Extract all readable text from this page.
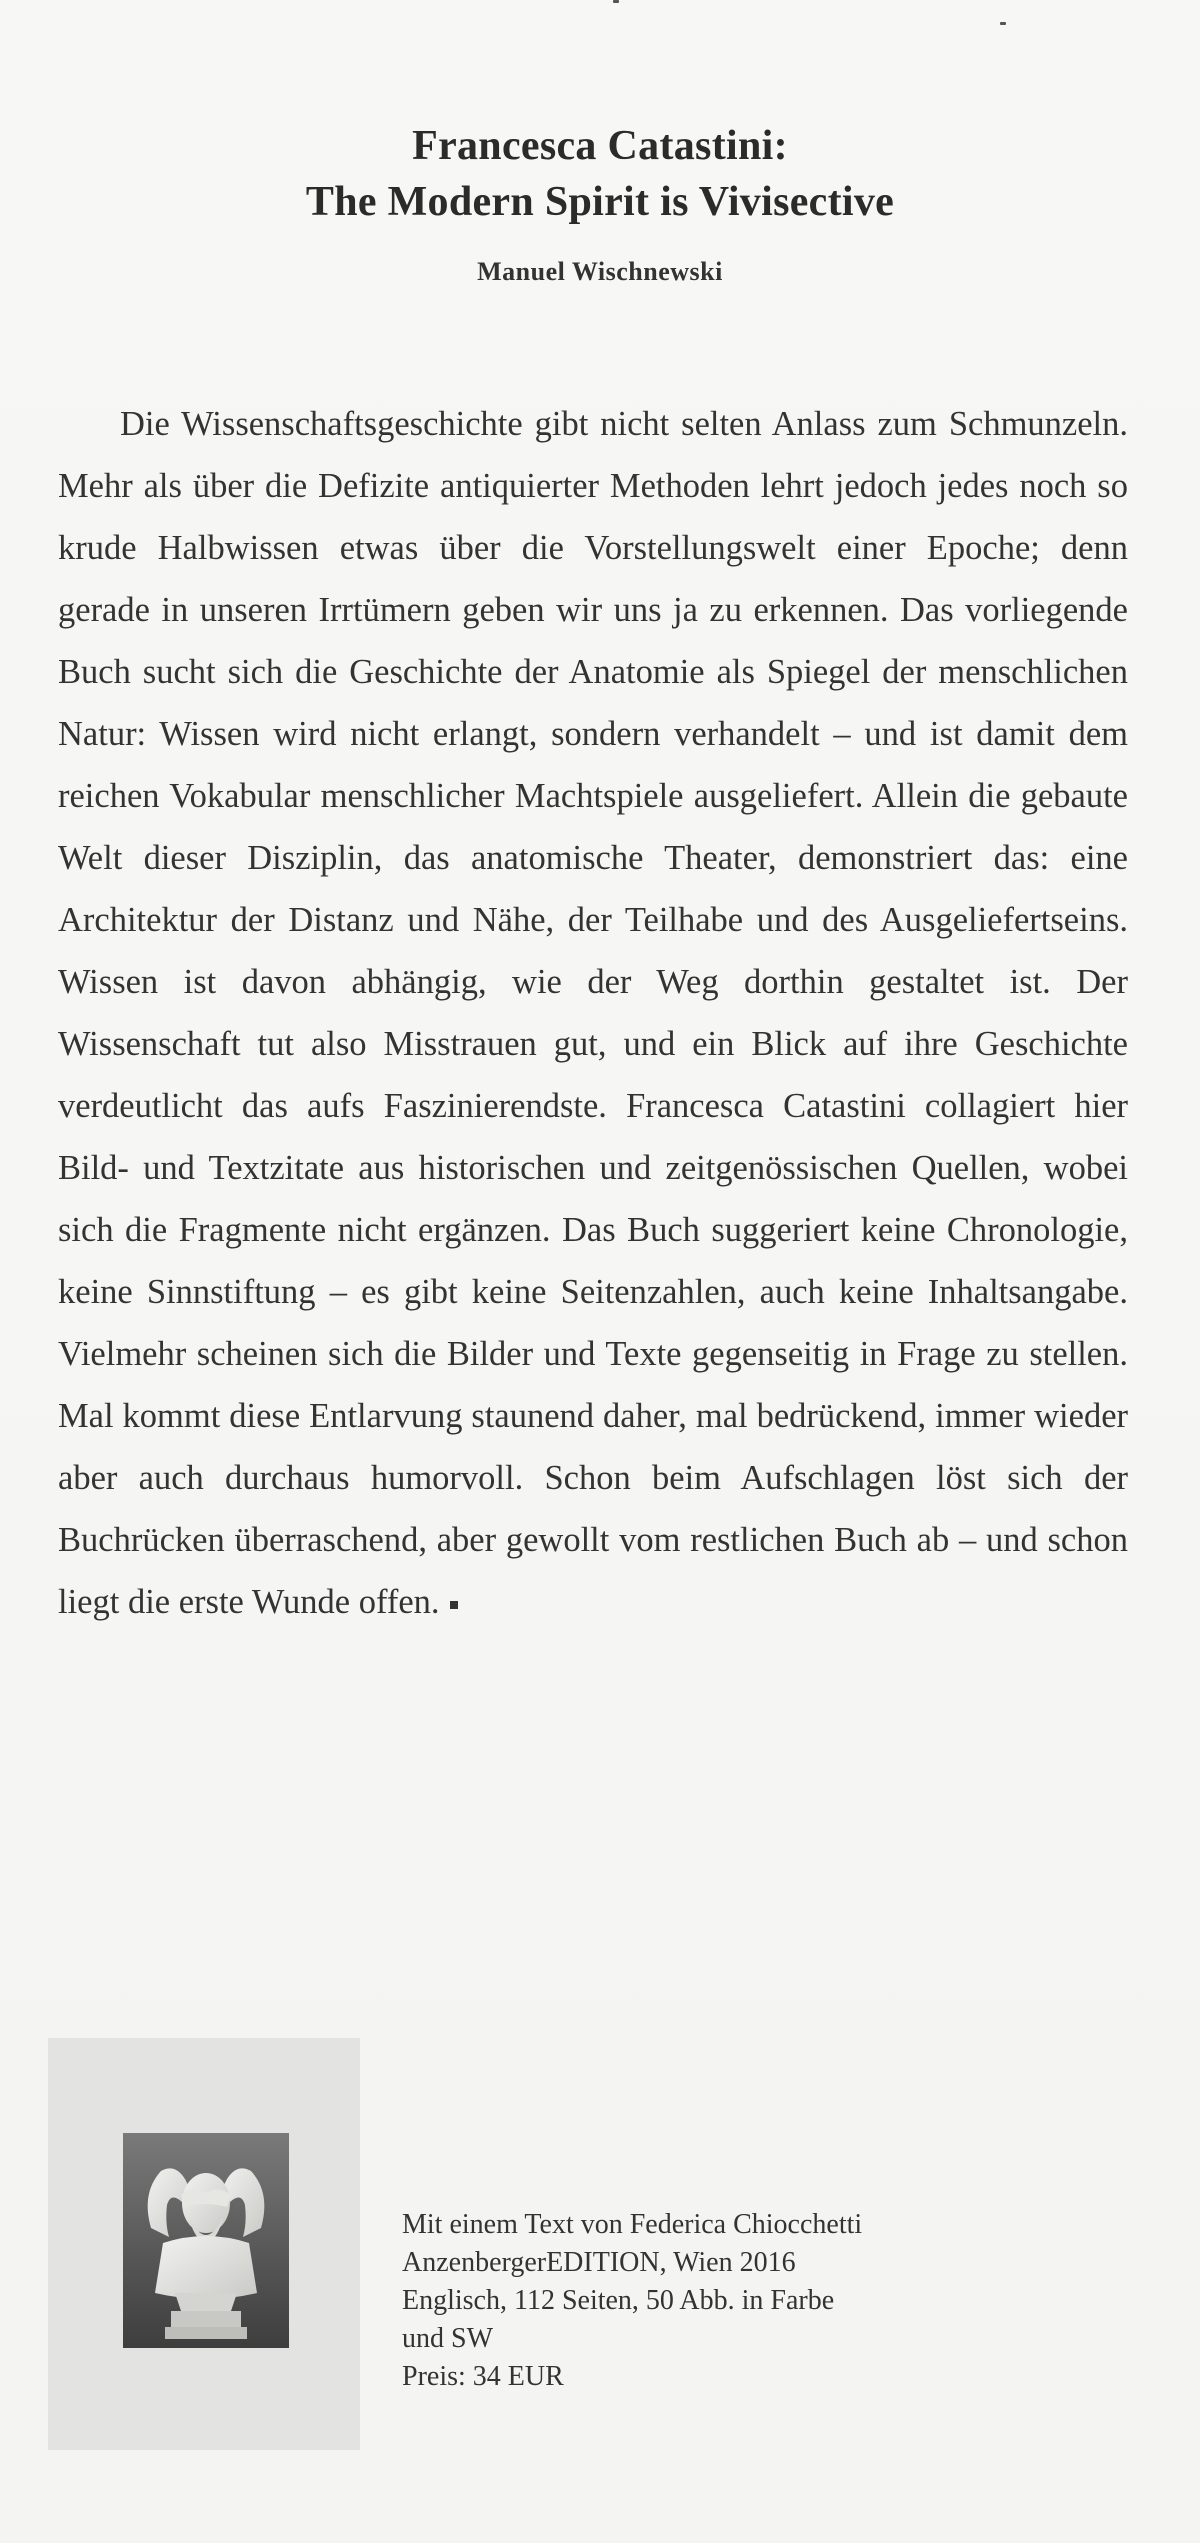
Francesca Catastini:
The Modern Spirit is Vivisective
Manuel Wischnewski
Die Wissenschaftsgeschichte gibt nicht selten Anlass zum Schmunzeln. Mehr als über die Defizite antiquierter Methoden lehrt jedoch jedes noch so krude Halbwissen etwas über die Vorstellungswelt einer Epoche; denn gerade in unseren Irrtümern geben wir uns ja zu erkennen. Das vorliegende Buch sucht sich die Geschichte der Anatomie als Spiegel der menschlichen Natur: Wissen wird nicht erlangt, sondern verhandelt – und ist damit dem reichen Vokabular menschlicher Machtspiele ausgeliefert. Allein die gebaute Welt dieser Disziplin, das anatomische Theater, demonstriert das: eine Architektur der Distanz und Nähe, der Teilhabe und des Ausgeliefertseins. Wissen ist davon abhängig, wie der Weg dorthin gestaltet ist. Der Wissenschaft tut also Misstrauen gut, und ein Blick auf ihre Geschichte verdeutlicht das aufs Faszinierendste. Francesca Catastini collagiert hier Bild- und Textzitate aus historischen und zeitgenössischen Quellen, wobei sich die Fragmente nicht ergänzen. Das Buch suggeriert keine Chronologie, keine Sinnstiftung – es gibt keine Seitenzahlen, auch keine Inhaltsangabe. Vielmehr scheinen sich die Bilder und Texte gegenseitig in Frage zu stellen. Mal kommt diese Entlarvung staunend daher, mal bedrückend, immer wieder aber auch durchaus humorvoll. Schon beim Aufschlagen löst sich der Buchrücken überraschend, aber gewollt vom restlichen Buch ab – und schon liegt die erste Wunde offen.
Mit einem Text von Federica Chiocchetti
AnzenbergerEDITION, Wien 2016
Englisch, 112 Seiten, 50 Abb. in Farbe
und SW
Preis: 34 EUR
